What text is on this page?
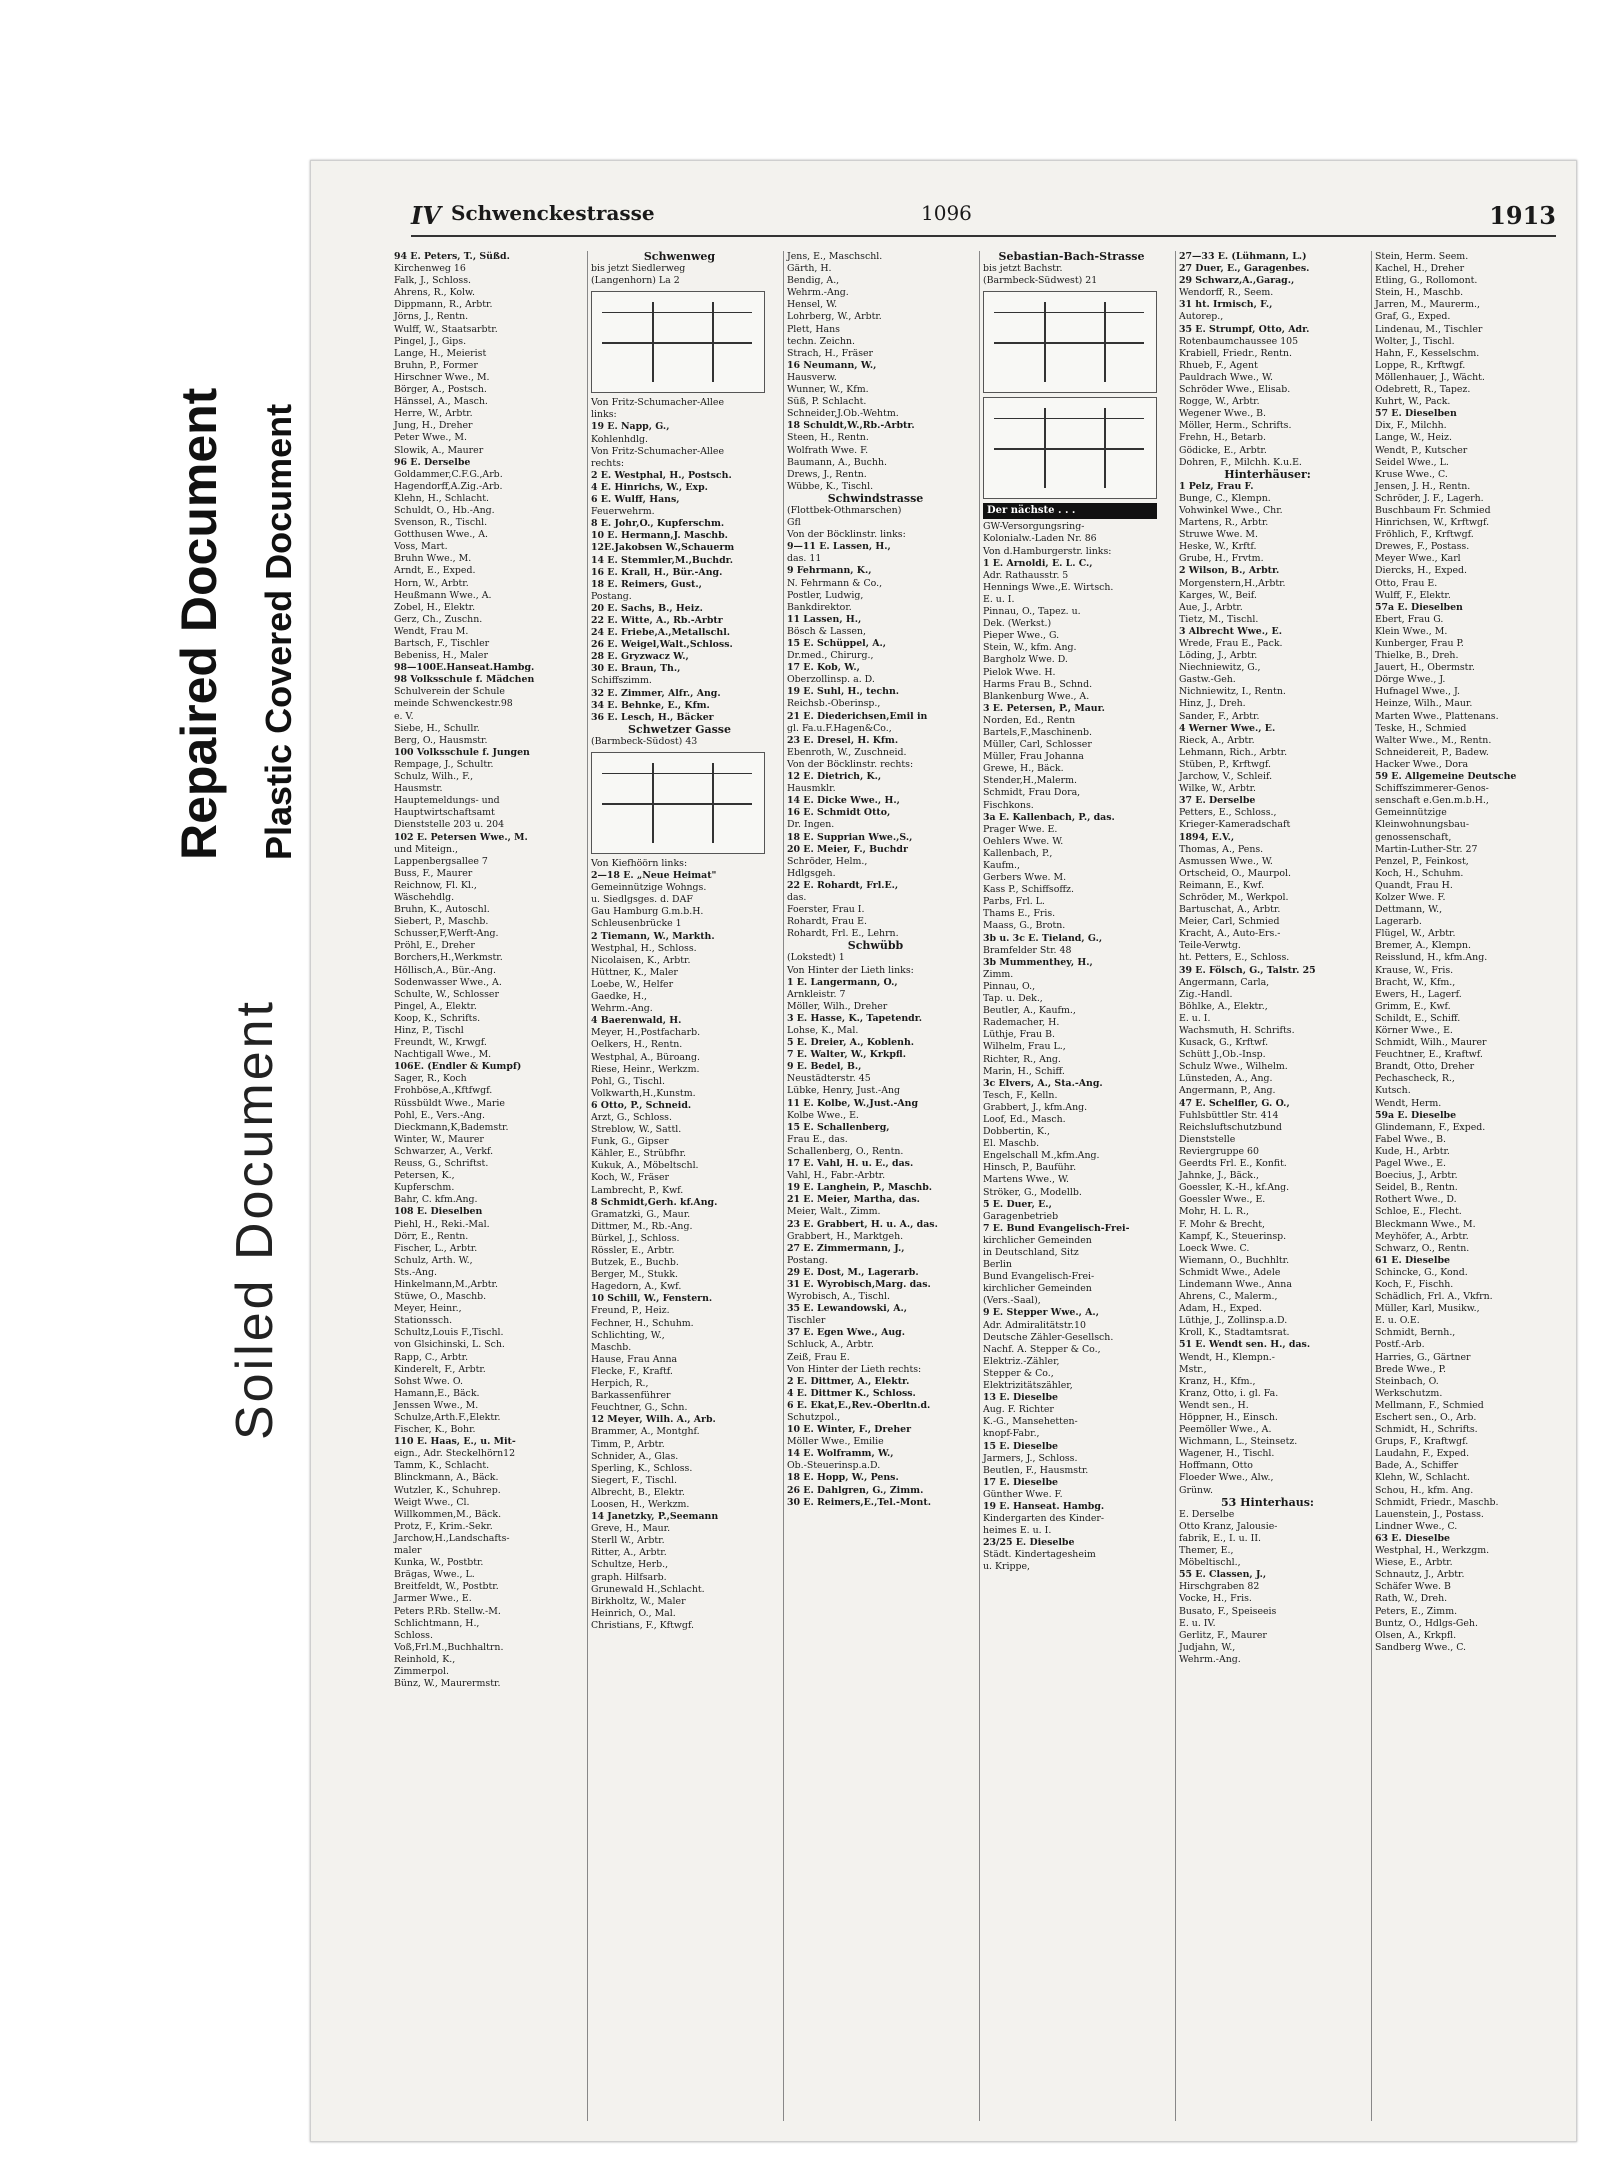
Repaired Document Plastic Covered Document
Soiled Document
IV Schwenckestrasse	1096	1913
94 E. Peters, T., Süßd.
Kirchenweg 16
Falk, J., Schloss.
Ahrens, R., Kolw.
Dippmann, R., Arbtr.
Jörns, J., Rentn.
Wulff, W., Staatsarbtr.
Pingel, J., Gips.
Lange, H., Meierist
Bruhn, P., Former
Hirschner Wwe., M.
Börger, A., Postsch.
Hänssel, A., Masch.
Herre, W., Arbtr.
Jung, H., Dreher
Peter Wwe., M.
Slowik, A., Maurer
96 E. Derselbe
Goldammer,C.F.G.,Arb.
Hagendorff,A.Zig.-Arb.
Klehn, H., Schlacht.
Schuldt, O., Hb.-Ang.
Svenson, R., Tischl.
Gotthusen Wwe., A.
Voss, Mart.
Bruhn Wwe., M.
Arndt, E., Exped.
Horn, W., Arbtr.
Heußmann Wwe., A.
Zobel, H., Elektr.
Gerz, Ch., Zuschn.
Wendt, Frau M.
Bartsch, F., Tischler
Bebeniss, H., Maler
98—100E.Hanseat.Hambg.
98 Volksschule f. Mädchen
Schulverein der Schule
meinde Schwenckestr.98
e. V.
Siebe, H., Schullr.
Berg, O., Hausmstr.
100 Volksschule f. Jungen
Rempage, J., Schultr.
Schulz, Wilh., F.,
Hausmstr.
Hauptemeldungs- und
Hauptwirtschaftsamt
Dienststelle 203 u. 204
102 E. Petersen Wwe., M.
und Miteign.,
Lappenbergsallee 7
Buss, F., Maurer
Reichnow, Fl. Kl.,
Wäschehdlg.
Bruhn, K., Autoschl.
Siebert, P., Maschb.
Schusser,F,Werft-Ang.
Pröhl, E., Dreher
Borchers,H.,Werkmstr.
Höllisch,A., Bür.-Ang.
Sodenwasser Wwe., A.
Schulte, W., Schlosser
Pingel, A., Elektr.
Koop, K., Schrifts.
Hinz, P., Tischl
Freundt, W., Krwgf.
Nachtigall Wwe., M.
106E. (Endler & Kumpf)
Sager, R., Koch
Frohböse,A.,Kftfwgf.
Rüssbüldt Wwe., Marie
Pohl, E., Vers.-Ang.
Dieckmann,K,Bademstr.
Winter, W., Maurer
Schwarzer, A., Verkf.
Reuss, G., Schriftst.
Petersen, K.,
Kupferschm.
Bahr, C. kfm.Ang.
108 E. Dieselben
Piehl, H., Reki.-Mal.
Dörr, E., Rentn.
Fischer, L., Arbtr.
Schulz, Arth. W.,
Sts.-Ang.
Hinkelmann,M.,Arbtr.
Stüwe, O., Maschb.
Meyer, Heinr.,
Stationssch.
Schultz,Louis F.,Tischl.
von Glsichinski, L. Sch.
Rapp, C., Arbtr.
Kinderelt, F., Arbtr.
Sohst Wwe. O.
Hamann,E., Bäck.
Jenssen Wwe., M.
Schulze,Arth.F.,Elektr.
Fischer, K., Bohr.
110 E. Haas, E., u. Mit-
eign., Adr. Steckelhörn12
Tamm, K., Schlacht.
Blinckmann, A., Bäck.
Wutzler, K., Schuhrep.
Weigt Wwe., Cl.
Willkommen,M., Bäck.
Protz, F., Krim.-Sekr.
Jarchow,H.,Landschafts-
maler
Kunka, W., Postbtr.
Brägas, Wwe., L.
Breitfeldt, W., Postbtr.
Jarmer Wwe., E.
Peters P.Rb. Stellw.-M.
Schlichtmann, H.,
Schloss.
Voß,Frl.M.,Buchhaltrn.
Reinhold, K.,
Zimmerpol.
Bünz, W., Maurermstr.
Schwenweg
bis jetzt Siedlerweg
(Langenhorn) La 2
Von Fritz-Schumacher-Allee
links:
19 E. Napp, G.,
Kohlenhdlg.
Von Fritz-Schumacher-Allee
rechts:
2 E. Westphal, H., Postsch.
4 E. Hinrichs, W., Exp.
6 E. Wulff, Hans,
Feuerwehrm.
8 E. Johr,O., Kupferschm.
10 E. Hermann,J. Maschb.
12E.Jakobsen W.,Schauerm
14 E. Stemmler,M.,Buchdr.
16 E. Krall, H., Bür.-Ang.
18 E. Reimers, Gust.,
Postang.
20 E. Sachs, B., Heiz.
22 E. Witte, A., Rb.-Arbtr
24 E. Friebe,A.,Metallschl.
26 E. Weigel,Walt.,Schloss.
28 E. Gryzwacz W.,
30 E. Braun, Th.,
Schiffszimm.
32 E. Zimmer, Alfr., Ang.
34 E. Behnke, E., Kfm.
36 E. Lesch, H., Bäcker
Schwetzer Gasse
(Barmbeck-Südost) 43
Von Kiefhöörn links:
2—18 E. „Neue Heimat"
Gemeinnützige Wohngs.
u. Siedlgsges. d. DAF
Gau Hamburg G.m.b.H.
Schleusenbrücke 1
2 Tiemann, W., Markth.
Westphal, H., Schloss.
Nicolaisen, K., Arbtr.
Hüttner, K., Maler
Loebe, W., Helfer
Gaedke, H.,
Wehrm.-Ang.
4 Baerenwald, H.
Meyer, H.,Postfacharb.
Oelkers, H., Rentn.
Westphal, A., Büroang.
Riese, Heinr., Werkzm.
Pohl, G., Tischl.
Volkwarth,H.,Kunstm.
6 Otto, P., Schneid.
Arzt, G., Schloss.
Streblow, W., Sattl.
Funk, G., Gipser
Kähler, E., Strübfhr.
Kukuk, A., Möbeltschl.
Koch, W., Fräser
Lambrecht, P., Kwf.
8 Schmidt,Gerh. kf.Ang.
Gramatzki, G., Maur.
Dittmer, M., Rb.-Ang.
Bürkel, J., Schloss.
Rössler, E., Arbtr.
Butzek, E., Buchb.
Berger, M., Stukk.
Hagedorn, A., Kwf.
10 Schill, W., Fenstern.
Freund, P., Heiz.
Fechner, H., Schuhm.
Schlichting, W.,
Maschb.
Hause, Frau Anna
Flecke, F., Kraftf.
Herpich, R.,
Barkassenführer
Feuchtner, G., Schn.
12 Meyer, Wilh. A., Arb.
Brammer, A., Montghf.
Timm, P., Arbtr.
Schnider, A., Glas.
Sperling, K., Schloss.
Siegert, F., Tischl.
Albrecht, B., Elektr.
Loosen, H., Werkzm.
14 Janetzky, P.,Seemann
Greve, H., Maur.
Sterll W., Arbtr.
Ritter, A., Arbtr.
Schultze, Herb.,
graph. Hilfsarb.
Grunewald H.,Schlacht.
Birkholtz, W., Maler
Heinrich, O., Mal.
Christians, F., Kftwgf.
Jens, E., Maschschl.
Gärth, H.
Bendig, A.,
Wehrm.-Ang.
Hensel, W.
Lohrberg, W., Arbtr.
Plett, Hans
techn. Zeichn.
Strach, H., Fräser
16 Neumann, W.,
Hausverw.
Wunner, W., Kfm.
Süß, P. Schlacht.
Schneider,J.Ob.-Wehtm.
18 Schuldt,W.,Rb.-Arbtr.
Steen, H., Rentn.
Wolfrath Wwe. F.
Baumann, A., Buchh.
Drews, J., Rentn.
Wübbe, K., Tischl.
Schwindstrasse
(Flottbek-Othmarschen)
Gfl
Von der Böcklinstr. links:
9—11 E. Lassen, H.,
das. 11
9 Fehrmann, K.,
N. Fehrmann & Co.,
Postler, Ludwig,
Bankdirektor.
11 Lassen, H.,
Bösch & Lassen,
15 E. Schüppel, A.,
Dr.med., Chirurg.,
17 E. Kob, W.,
Oberzollinsp. a. D.
19 E. Suhl, H., techn.
Reichsb.-Oberinsp.,
21 E. Diederichsen,Emil in
gl. Fa.u.F.Hagen&Co.,
23 E. Dresel, H. Kfm.
Ebenroth, W., Zuschneid.
Von der Böcklinstr. rechts:
12 E. Dietrich, K.,
Hausmklr.
14 E. Dicke Wwe., H.,
16 E. Schmidt Otto,
Dr. Ingen.
18 E. Supprian Wwe.,S.,
20 E. Meier, F., Buchdr
Schröder, Helm.,
Hdlgsgeh.
22 E. Rohardt, Frl.E.,
das.
Foerster, Frau I.
Rohardt, Frau E.
Rohardt, Frl. E., Lehrn.
Schwübb
(Lokstedt) 1
Von Hinter der Lieth links:
1 E. Langermann, O.,
Arnkleistr. 7
Möller, Wilh., Dreher
3 E. Hasse, K., Tapetendr.
Lohse, K., Mal.
5 E. Dreier, A., Koblenh.
7 E. Walter, W., Krkpfl.
9 E. Bedel, B.,
Neustädterstr. 45
Lübke, Henry, Just.-Ang
11 E. Kolbe, W.,Just.-Ang
Kolbe Wwe., E.
15 E. Schallenberg,
Frau E., das.
Schallenberg, O., Rentn.
17 E. Vahl, H. u. E., das.
Vahl, H., Fabr.-Arbtr.
19 E. Langhein, P., Maschb.
21 E. Meier, Martha, das.
Meier, Walt., Zimm.
23 E. Grabbert, H. u. A., das.
Grabbert, H., Marktgeh.
27 E. Zimmermann, J.,
Postang.
29 E. Dost, M., Lagerarb.
31 E. Wyrobisch,Marg. das.
Wyrobisch, A., Tischl.
35 E. Lewandowski, A.,
Tischler
37 E. Egen Wwe., Aug.
Schluck, A., Arbtr.
Zeiß, Frau E.
Von Hinter der Lieth rechts:
2 E. Dittmer, A., Elektr.
4 E. Dittmer K., Schloss.
6 E. Ekat,E.,Rev.-Oberltn.d.
Schutzpol.,
10 E. Winter, F., Dreher
Möller Wwe., Emilie
14 E. Wolframm, W.,
Ob.-Steuerinsp.a.D.
18 E. Hopp, W., Pens.
26 E. Dahlgren, G., Zimm.
30 E. Reimers,E.,Tel.-Mont.
Sebastian-Bach-Strasse
bis jetzt Bachstr.
(Barmbeck-Südwest) 21
Der nächste . . .
GW-Versorgungsring-
Kolonialw.-Laden Nr. 86
Von d.Hamburgerstr. links:
1 E. Arnoldi, E. L. C.,
Adr. Rathausstr. 5
Hennings Wwe.,E. Wirtsch.
E. u. I.
Pinnau, O., Tapez. u.
Dek. (Werkst.)
Pieper Wwe., G.
Stein, W., kfm. Ang.
Bargholz Wwe. D.
Pielok Wwe. H.
Harms Frau B., Schnd.
Blankenburg Wwe., A.
3 E. Petersen, P., Maur.
Norden, Ed., Rentn
Bartels,F.,Maschinenb.
Müller, Carl, Schlosser
Müller, Frau Johanna
Grewe, H., Bäck.
Stender,H.,Malerm.
Schmidt, Frau Dora,
Fischkons.
3a E. Kallenbach, P., das.
Prager Wwe. E.
Oehlers Wwe. W.
Kallenbach, P.,
Kaufm.,
Gerbers Wwe. M.
Kass P., Schiffsoffz.
Parbs, Frl. L.
Thams E., Fris.
Maass, G., Brotn.
3b u. 3c E. Tieland, G.,
Bramfelder Str. 48
3b Mummenthey, H.,
Zimm.
Pinnau, O.,
Tap. u. Dek.,
Beutler, A., Kaufm.,
Rademacher, H.
Lüthje, Frau B.
Wilhelm, Frau L.,
Richter, R., Ang.
Marin, H., Schiff.
3c Elvers, A., Sta.-Ang.
Tesch, F., Kelln.
Grabbert, J., kfm.Ang.
Loof, Ed., Masch.
Dobbertin, K.,
El. Maschb.
Engelschall M.,kfm.Ang.
Hinsch, P., Bauführ.
Martens Wwe., W.
Ströker, G., Modellb.
5 E. Duer, E.,
Garagenbetrieb
7 E. Bund Evangelisch-Frei-
kirchlicher Gemeinden
in Deutschland, Sitz
Berlin
Bund Evangelisch-Frei-
kirchlicher Gemeinden
(Vers.-Saal),
9 E. Stepper Wwe., A.,
Adr. Admiralitätstr.10
Deutsche Zähler-Gesellsch.
Nachf. A. Stepper & Co.,
Elektriz.-Zähler,
Stepper & Co.,
Elektrizitätszähler,
13 E. Dieselbe
Aug. F. Richter
K.-G., Mansehetten-
knopf-Fabr.,
15 E. Dieselbe
Jarmers, J., Schloss.
Beutlen, F., Hausmstr.
17 E. Dieselbe
Günther Wwe. F.
19 E. Hanseat. Hambg.
Kindergarten des Kinder-
heimes E. u. I.
23/25 E. Dieselbe
Städt. Kindertagesheim
u. Krippe,
27—33 E. (Lühmann, L.)
27 Duer, E., Garagenbes.
29 Schwarz,A.,Garag.,
Wendorff, R., Seem.
31 ht. Irmisch, F.,
Autorep.,
35 E. Strumpf, Otto, Adr.
Rotenbaumchaussee 105
Krabiell, Friedr., Rentn.
Rhueb, F., Agent
Pauldrach Wwe., W.
Schröder Wwe., Elisab.
Rogge, W., Arbtr.
Wegener Wwe., B.
Möller, Herm., Schrifts.
Frehn, H., Betarb.
Gödicke, E., Arbtr.
Dohren, F., Milchh. K.u.E.
Hinterhäuser:
1 Pelz, Frau F.
Bunge, C., Klempn.
Vohwinkel Wwe., Chr.
Martens, R., Arbtr.
Struwe Wwe. M.
Heske, W., Krftf.
Grube, H., Frvtm.
2 Wilson, B., Arbtr.
Morgenstern,H.,Arbtr.
Karges, W., Beif.
Aue, J., Arbtr.
Tietz, M., Tischl.
3 Albrecht Wwe., E.
Wrede, Frau E., Pack.
Löding, J., Arbtr.
Niechniewitz, G.,
Gastw.-Geh.
Nichniewitz, I., Rentn.
Hinz, J., Dreh.
Sander, F., Arbtr.
4 Werner Wwe., E.
Rieck, A., Arbtr.
Lehmann, Rich., Arbtr.
Stüben, P., Krftwgf.
Jarchow, V., Schleif.
Wilke, W., Arbtr.
37 E. Derselbe
Petters, E., Schloss.,
Krieger-Kameradschaft
1894, E.V.,
Thomas, A., Pens.
Asmussen Wwe., W.
Ortscheid, O., Maurpol.
Reimann, E., Kwf.
Schröder, M., Werkpol.
Bartuschat, A., Arbtr.
Meier, Carl, Schmied
Kracht, A., Auto-Ers.-
Teile-Verwtg.
ht. Petters, E., Schloss.
39 E. Fölsch, G., Talstr. 25
Angermann, Carla,
Zig.-Handl.
Böhlke, A., Elektr.,
E. u. I.
Wachsmuth, H. Schrifts.
Kusack, G., Krftwf.
Schütt J.,Ob.-Insp.
Schulz Wwe., Wilhelm.
Lünsteden, A., Ang.
Angermann, P., Ang.
47 E. Schelfler, G. O.,
Fuhlsbüttler Str. 414
Reichsluftschutzbund
Dienststelle
Reviergruppe 60
Geerdts Frl. E., Konfit.
Jahnke, J., Bäck.,
Goessler, K.-H., kf.Ang.
Goessler Wwe., E.
Mohr, H. L. R.,
F. Mohr & Brecht,
Kampf, K., Steuerinsp.
Loeck Wwe. C.
Wiemann, O., Buchhltr.
Schmidt Wwe., Adele
Lindemann Wwe., Anna
Ahrens, C., Malerm.,
Adam, H., Exped.
Lüthje, J., Zollinsp.a.D.
Kroll, K., Stadtamtsrat.
51 E. Wendt sen. H., das.
Wendt, H., Klempn.-
Mstr.,
Kranz, H., Kfm.,
Kranz, Otto, i. gl. Fa.
Wendt sen., H.
Höppner, H., Einsch.
Peemöller Wwe., A.
Wichmann, L., Steinsetz.
Wagener, H., Tischl.
Hoffmann, Otto
Floeder Wwe., Alw.,
Grünw.
53 Hinterhaus:
E. Derselbe
Otto Kranz, Jalousie-
fabrik, E., I. u. II.
Themer, E.,
Möbeltischl.,
55 E. Classen, J.,
Hirschgraben 82
Vocke, H., Fris.
Busato, F., Speiseeis
E. u. IV.
Gerlitz, F., Maurer
Judjahn, W.,
Wehrm.-Ang.
Stein, Herm. Seem.
Kachel, H., Dreher
Etling, G., Rollomont.
Stein, H., Maschb.
Jarren, M., Maurerm.,
Graf, G., Exped.
Lindenau, M., Tischler
Wolter, J., Tischl.
Hahn, F., Kesselschm.
Loppe, R., Krftwgf.
Möllenhauer, J., Wächt.
Odebrett, R., Tapez.
Kuhrt, W., Pack.
57 E. Dieselben
Dix, F., Milchh.
Lange, W., Heiz.
Wendt, P., Kutscher
Seidel Wwe., L.
Kruse Wwe., C.
Jensen, J. H., Rentn.
Schröder, J. F., Lagerh.
Buschbaum Fr. Schmied
Hinrichsen, W., Krftwgf.
Fröhlich, F., Krftwgf.
Drewes, F., Postass.
Meyer Wwe., Karl
Diercks, H., Exped.
Otto, Frau E.
Wulff, F., Elektr.
57a E. Dieselben
Ebert, Frau G.
Klein Wwe., M.
Kunberger, Frau P.
Thielke, B., Dreh.
Jauert, H., Obermstr.
Dörge Wwe., J.
Hufnagel Wwe., J.
Heinze, Wilh., Maur.
Marten Wwe., Plattenans.
Teske, H., Schmied
Walter Wwe., M., Rentn.
Schneidereit, P., Badew.
Hacker Wwe., Dora
59 E. Allgemeine Deutsche
Schiffszimmerer-Genos-
senschaft e.Gen.m.b.H.,
Gemeinnützige
Kleinwohnungsbau-
genossenschaft,
Martin-Luther-Str. 27
Penzel, P., Feinkost,
Koch, H., Schuhm.
Quandt, Frau H.
Kolzer Wwe. F.
Dettmann, W.,
Lagerarb.
Flügel, W., Arbtr.
Bremer, A., Klempn.
Reisslund, H., kfm.Ang.
Krause, W., Fris.
Bracht, W., Kfm.,
Ewers, H., Lagerf.
Grimm, E., Kwf.
Schildt, E., Schiff.
Körner Wwe., E.
Schmidt, Wilh., Maurer
Feuchtner, E., Kraftwf.
Brandt, Otto, Dreher
Pechascheck, R.,
Kutsch.
Wendt, Herm.
59a E. Dieselbe
Glindemann, F., Exped.
Fabel Wwe., B.
Kude, H., Arbtr.
Pagel Wwe., E.
Boecius, J., Arbtr.
Seidel, B., Rentn.
Rothert Wwe., D.
Schloe, E., Flecht.
Bleckmann Wwe., M.
Meyhöfer, A., Arbtr.
Schwarz, O., Rentn.
61 E. Dieselbe
Schincke, G., Kond.
Koch, F., Fischh.
Schädlich, Frl. A., Vkfrn.
Müller, Karl, Musikw.,
E. u. O.E.
Schmidt, Bernh.,
Postf.-Arb.
Harries, G., Gärtner
Brede Wwe., P.
Steinbach, O.
Werkschutzm.
Mellmann, F., Schmied
Eschert sen., O., Arb.
Schmidt, H., Schrifts.
Grups, F., Kraftwgf.
Laudahn, F., Exped.
Bade, A., Schiffer
Klehn, W., Schlacht.
Schou, H., kfm. Ang.
Schmidt, Friedr., Maschb.
Lauenstein, J., Postass.
Lindner Wwe., C.
63 E. Dieselbe
Westphal, H., Werkzgm.
Wiese, E., Arbtr.
Schnautz, J., Arbtr.
Schäfer Wwe. B
Rath, W., Dreh.
Peters, E., Zimm.
Buntz, O., Hdlgs-Geh.
Olsen, A., Krkpfl.
Sandberg Wwe., C.
